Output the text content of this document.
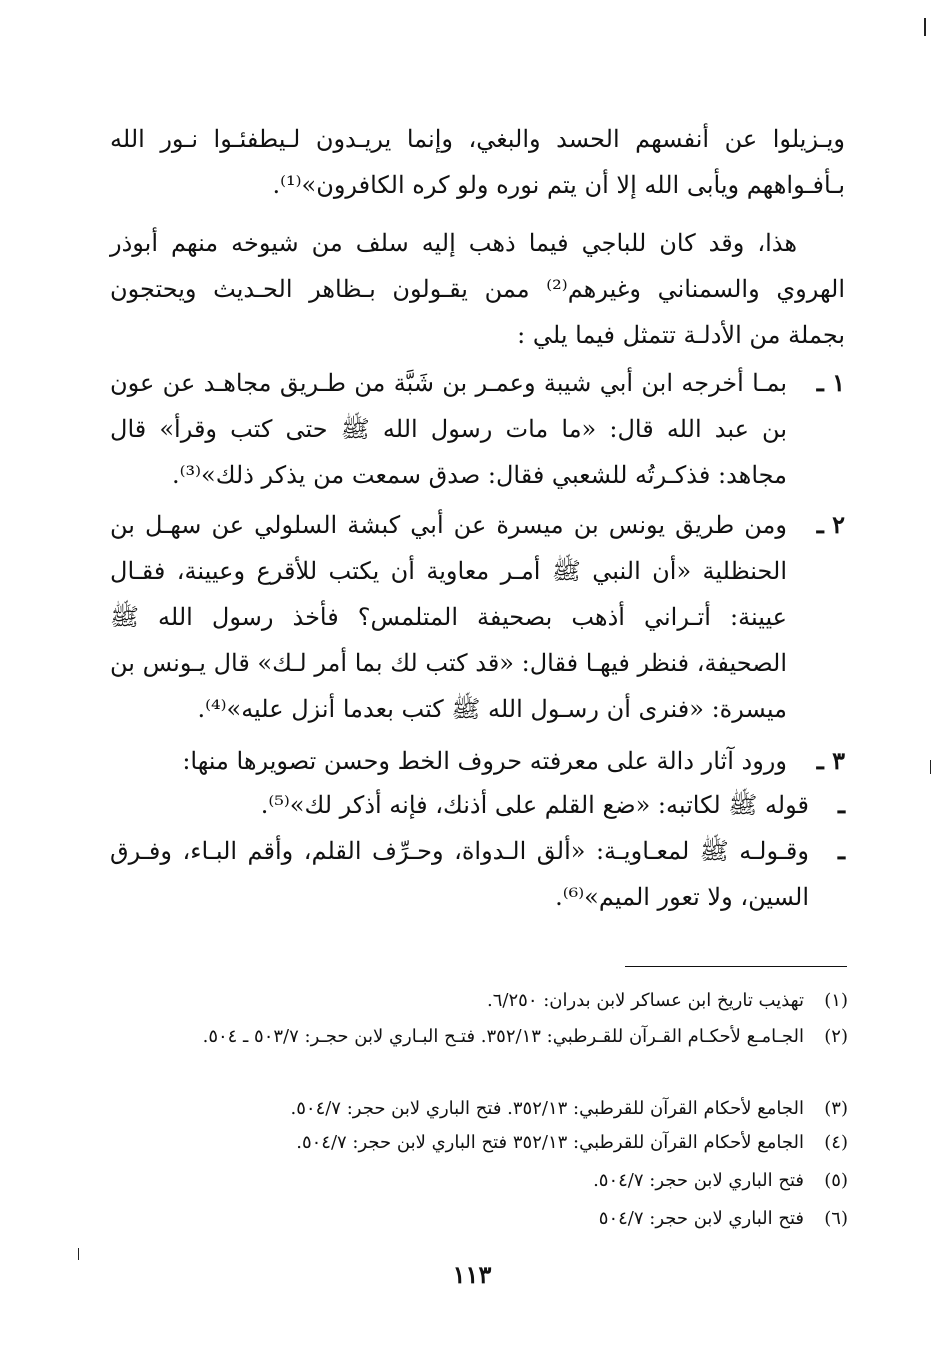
ويـزيلوا عن أنفسهم الحسد والبغي، وإنما يريـدون لـيطفئـوا نـور الله بـأفـواههم ويأبى الله إلا أن يتم نوره ولو كره الكافرون»⁽¹⁾.
هذا، وقد كان للباجي فيما ذهب إليه سلف من شيوخه منهم أبوذر الهروي والسمناني وغيرهم⁽²⁾ ممن يقـولون بـظاهر الحـديث ويحتجون بجملة من الأدلـة تتمثل فيما يلي :
١ ـ
بمـا أخرجه ابن أبي شيبة وعمـر بن شَبَّة من طـريق مجاهـد عن عون بن عبد الله قال: «ما مات رسول الله ﷺ حتى كتب وقرأ» قال مجاهد: فذكـرتُه للشعبي فقال: صدق سمعت من يذكر ذلك»⁽³⁾.
٢ ـ
ومن طريق يونس بن ميسرة عن أبي كبشة السلولي عن سهـل بن الحنظلية «أن النبي ﷺ أمـر معاوية أن يكتب للأقرع وعيينة، فقـال عيينة: أتـراني أذهب بصحيفة المتلمس؟ فأخذ رسول الله ﷺ الصحيفة، فنظر فيهـا فقال: «قد كتب لك بما أمر لـك» قال يـونس بن ميسرة: «فنرى أن رسـول الله ﷺ كتب بعدما أنزل عليه»⁽⁴⁾.
٣ ـ
ورود آثار دالة على معرفته حروف الخط وحسن تصويرها منها:
ـ
قوله ﷺ لكاتبه: «ضع القلم على أذنك، فإنه أذكر لك»⁽⁵⁾.
ـ
وقـولـه ﷺ لمعـاويـة: «ألق الـدواة، وحـرِّف القلم، وأقم البـاء، وفـرق السين، ولا تعور الميم»⁽⁶⁾.
(١)
تهذيب تاريخ ابن عساكر لابن بدران: ٦/٢٥٠.
(٢)
الجـامـع لأحكـام القـرآن للقـرطبي: ٣٥٢/١٣. فتـح البـاري لابن حجـر: ٥٠٣/٧ ـ ٥٠٤.
(٣)
الجامع لأحكام القرآن للقرطبي: ٣٥٢/١٣. فتح الباري لابن حجر: ٥٠٤/٧.
(٤)
الجامع لأحكام القرآن للقرطبي: ٣٥٢/١٣ فتح الباري لابن حجر: ٥٠٤/٧.
(٥)
فتح الباري لابن حجر: ٥٠٤/٧.
(٦)
فتح الباري لابن حجر: ٥٠٤/٧
١١٣
